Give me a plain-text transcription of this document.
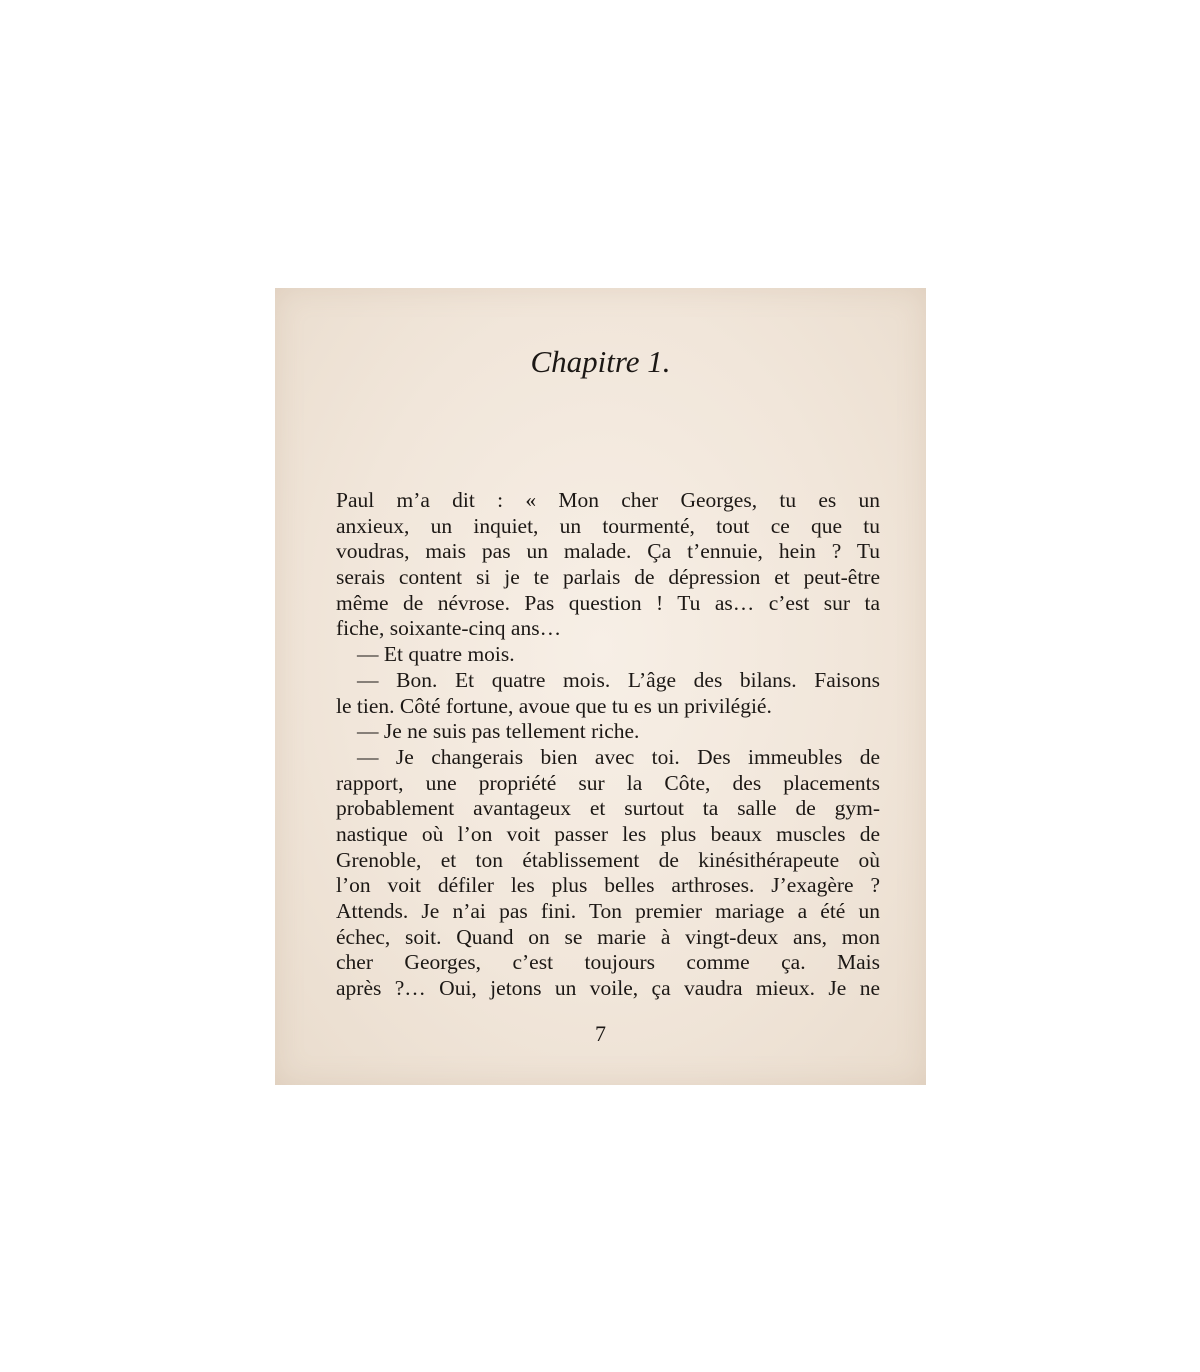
Chapitre 1.
Paul m’a dit : « Mon cher Georges, tu es un
anxieux, un inquiet, un tourmenté, tout ce que tu
voudras, mais pas un malade. Ça t’ennuie, hein ? Tu
serais content si je te parlais de dépression et peut-être
même de névrose. Pas question ! Tu as… c’est sur ta
fiche, soixante-cinq ans…
— Et quatre mois.
— Bon. Et quatre mois. L’âge des bilans. Faisons
le tien. Côté fortune, avoue que tu es un privilégié.
— Je ne suis pas tellement riche.
— Je changerais bien avec toi. Des immeubles de
rapport, une propriété sur la Côte, des placements
probablement avantageux et surtout ta salle de gym-
nastique où l’on voit passer les plus beaux muscles de
Grenoble, et ton établissement de kinésithérapeute où
l’on voit défiler les plus belles arthroses. J’exagère ?
Attends. Je n’ai pas fini. Ton premier mariage a été un
échec, soit. Quand on se marie à vingt-deux ans, mon
cher Georges, c’est toujours comme ça. Mais
après ?… Oui, jetons un voile, ça vaudra mieux. Je ne
7
